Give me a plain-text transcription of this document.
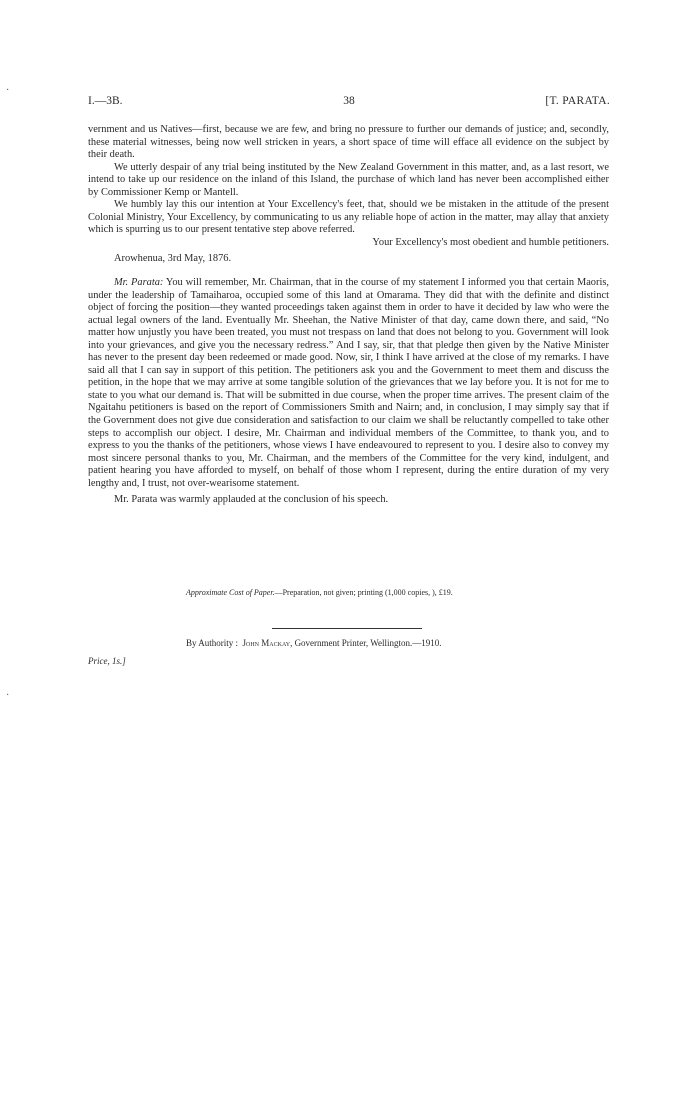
·
·
I.—3B.	38	[T. PARATA.

vernment and us Natives—first, because we are few, and bring no pressure to further our demands of justice; and, secondly, these material witnesses, being now well stricken in years, a short space of time will efface all evidence on the subject by their death.

We utterly despair of any trial being instituted by the New Zealand Government in this matter, and, as a last resort, we intend to take up our residence on the inland of this Island, the purchase of which land has never been accomplished either by Commissioner Kemp or Mantell.

We humbly lay this our intention at Your Excellency's feet, that, should we be mistaken in the attitude of the present Colonial Ministry, Your Excellency, by communicating to us any reliable hope of action in the matter, may allay that anxiety which is spurring us to our present tentative step above referred.

Your Excellency's most obedient and humble petitioners.

Arowhenua, 3rd May, 1876.

Mr. Parata: You will remember, Mr. Chairman, that in the course of my statement I informed you that certain Maoris, under the leadership of Tamaiharoa, occupied some of this land at Omarama. They did that with the definite and distinct object of forcing the position—they wanted proceedings taken against them in order to have it decided by law who were the actual legal owners of the land. Eventually Mr. Sheehan, the Native Minister of that day, came down there, and said, “No matter how unjustly you have been treated, you must not trespass on land that does not belong to you. Government will look into your grievances, and give you the necessary redress.” And I say, sir, that that pledge then given by the Native Minister has never to the present day been redeemed or made good. Now, sir, I think I have arrived at the close of my remarks. I have said all that I can say in support of this petition. The petitioners ask you and the Government to meet them and discuss the petition, in the hope that we may arrive at some tangible solution of the grievances that we lay before you. It is not for me to state to you what our demand is. That will be submitted in due course, when the proper time arrives. The present claim of the Ngaitahu petitioners is based on the report of Commissioners Smith and Nairn; and, in conclusion, I may simply say that if the Government does not give due consideration and satisfaction to our claim we shall be reluctantly compelled to take other steps to accomplish our object. I desire, Mr. Chairman and individual members of the Committee, to thank you, and to express to you the thanks of the petitioners, whose views I have endeavoured to represent to you. I desire also to convey my most sincere personal thanks to you, Mr. Chairman, and the members of the Committee for the very kind, indulgent, and patient hearing you have afforded to myself, on behalf of those whom I represent, during the entire duration of my very lengthy and, I trust, not over-wearisome statement.

Mr. Parata was warmly applauded at the conclusion of his speech.

Approximate Cost of Paper.—Preparation, not given; printing (1,000 copies, ), £19.
By Authority : John Mackay, Government Printer, Wellington.—1910.
Price, 1s.]
